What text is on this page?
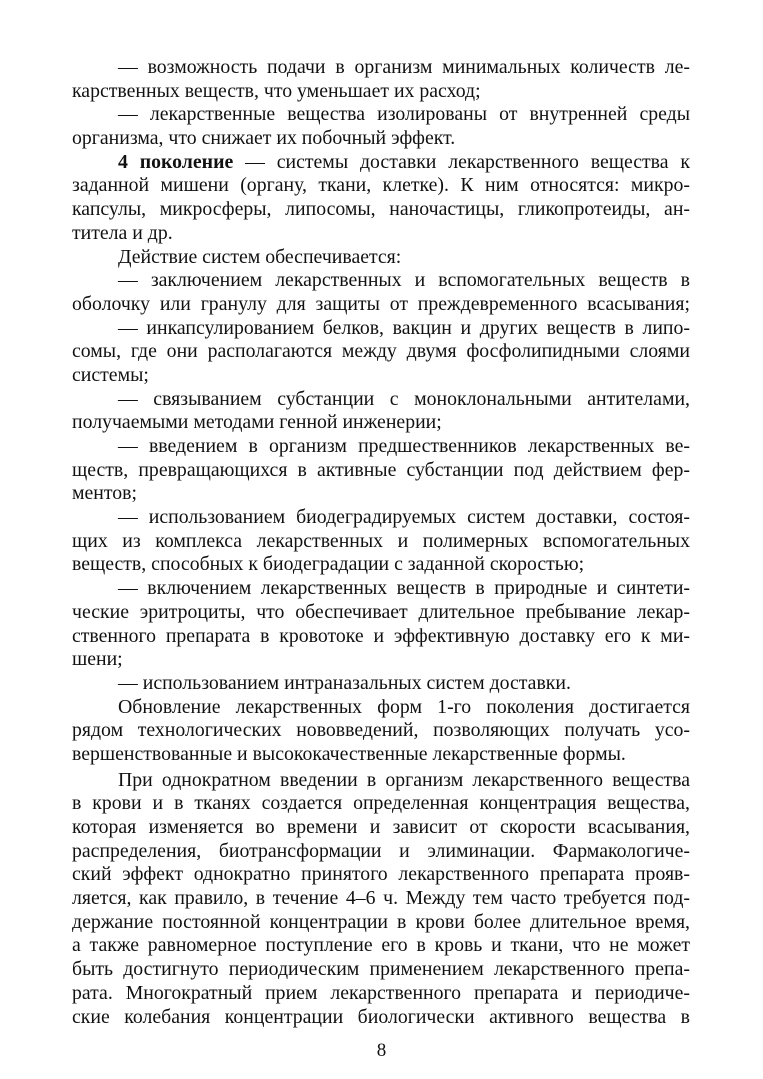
— возможность подачи в организм минимальных количеств ле-
карственных веществ, что уменьшает их расход;
— лекарственные вещества изолированы от внутренней среды
организма, что снижает их побочный эффект.
4 поколение — системы доставки лекарственного вещества к
заданной мишени (органу, ткани, клетке). К ним относятся: микро-
капсулы, микросферы, липосомы, наночастицы, гликопротеиды, ан-
титела и др.
Действие систем обеспечивается:
— заключением лекарственных и вспомогательных веществ в
оболочку или гранулу для защиты от преждевременного всасывания;
— инкапсулированием белков, вакцин и других веществ в липо-
сомы, где они располагаются между двумя фосфолипидными слоями
системы;
— связыванием субстанции с моноклональными антителами,
получаемыми методами генной инженерии;
— введением в организм предшественников лекарственных ве-
ществ, превращающихся в активные субстанции под действием фер-
ментов;
— использованием биодеградируемых систем доставки, состоя-
щих из комплекса лекарственных и полимерных вспомогательных
веществ, способных к биодеградации с заданной скоростью;
— включением лекарственных веществ в природные и синтети-
ческие эритроциты, что обеспечивает длительное пребывание лекар-
ственного препарата в кровотоке и эффективную доставку его к ми-
шени;
— использованием интраназальных систем доставки.
Обновление лекарственных форм 1-го поколения достигается
рядом технологических нововведений, позволяющих получать усо-
вершенствованные и высококачественные лекарственные формы.
При однократном введении в организм лекарственного вещества
в крови и в тканях создается определенная концентрация вещества,
которая изменяется во времени и зависит от скорости всасывания,
распределения, биотрансформации и элиминации. Фармакологиче-
ский эффект однократно принятого лекарственного препарата прояв-
ляется, как правило, в течение 4–6 ч. Между тем часто требуется под-
держание постоянной концентрации в крови более длительное время,
а также равномерное поступление его в кровь и ткани, что не может
быть достигнуто периодическим применением лекарственного препа-
рата. Многократный прием лекарственного препарата и периодиче-
ские колебания концентрации биологически активного вещества в
8
